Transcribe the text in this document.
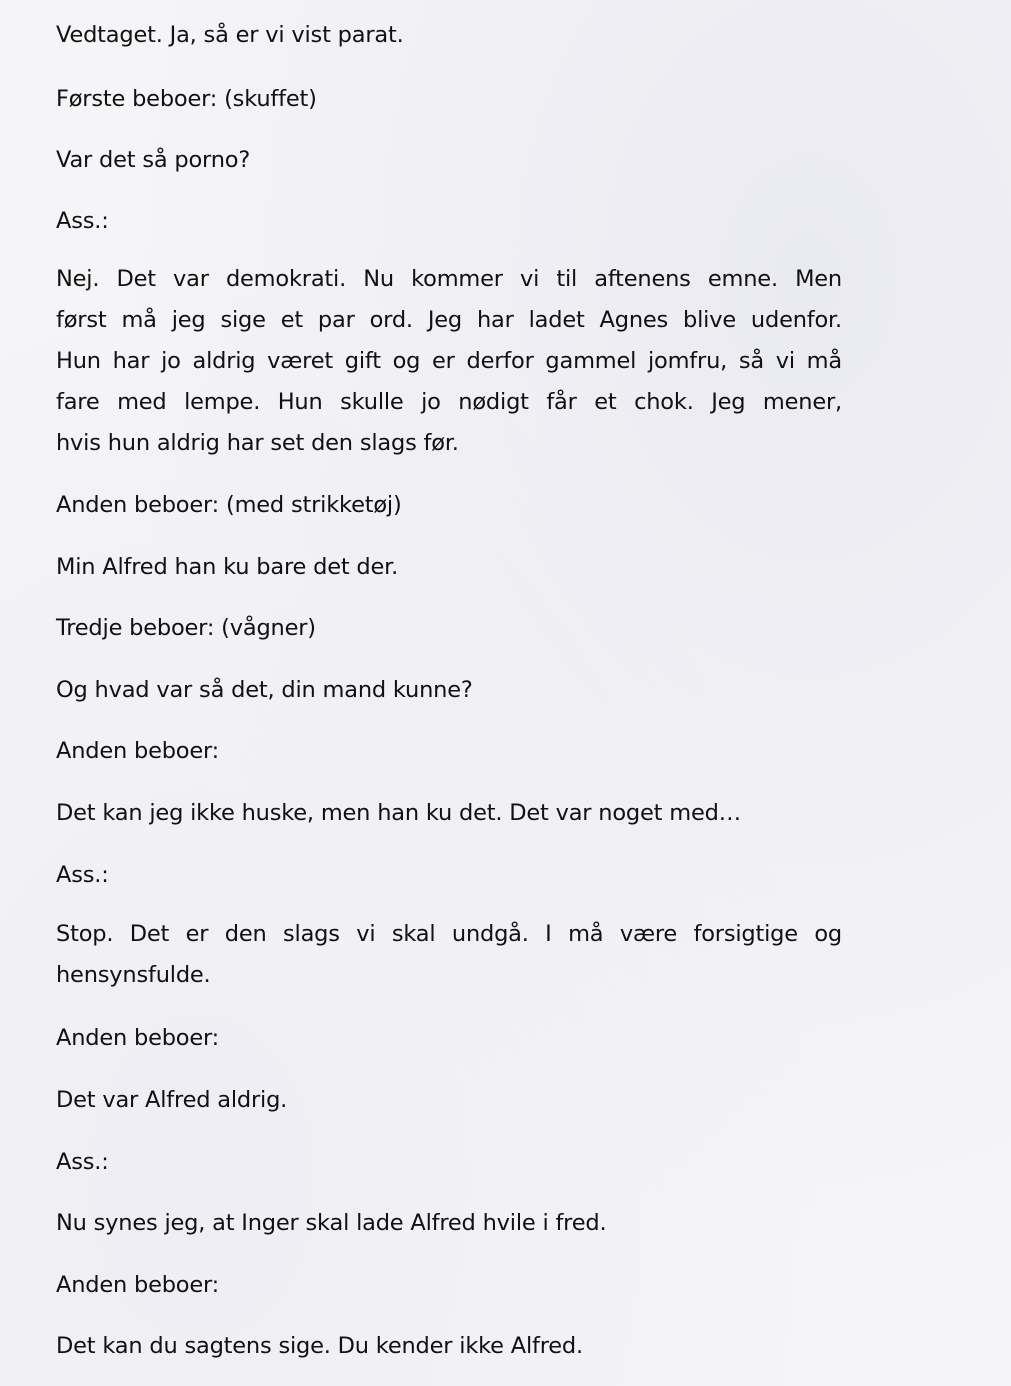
Vedtaget. Ja, så er vi vist parat.

Første beboer: (skuffet)

Var det så porno?

Ass.:

Nej. Det var demokrati. Nu kommer vi til aftenens emne. Men
først må jeg sige et par ord. Jeg har ladet Agnes blive udenfor.
Hun har jo aldrig været gift og er derfor gammel jomfru, så vi må
fare med lempe. Hun skulle jo nødigt får et chok. Jeg mener,
hvis hun aldrig har set den slags før.

Anden beboer: (med strikketøj)

Min Alfred han ku bare det der.

Tredje beboer: (vågner)

Og hvad var så det, din mand kunne?

Anden beboer:

Det kan jeg ikke huske, men han ku det. Det var noget med…

Ass.:

Stop. Det er den slags vi skal undgå. I må være forsigtige og
hensynsfulde.

Anden beboer:

Det var Alfred aldrig.

Ass.:

Nu synes jeg, at Inger skal lade Alfred hvile i fred.

Anden beboer:

Det kan du sagtens sige. Du kender ikke Alfred.
